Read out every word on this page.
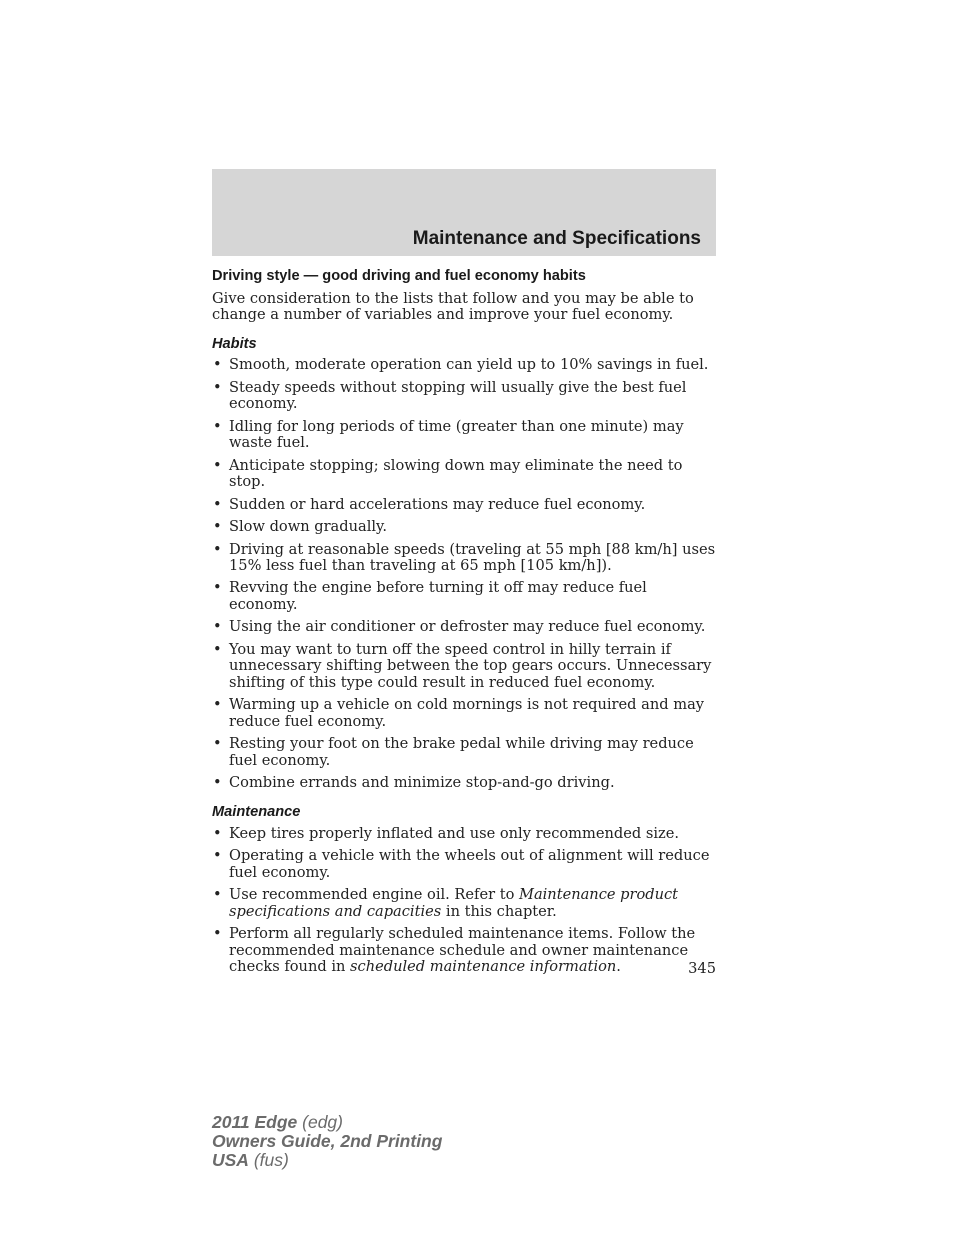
Maintenance and Specifications
Driving style — good driving and fuel economy habits

Give consideration to the lists that follow and you may be able to change a number of variables and improve your fuel economy.

Habits
• Smooth, moderate operation can yield up to 10% savings in fuel.
• Steady speeds without stopping will usually give the best fuel economy.
• Idling for long periods of time (greater than one minute) may waste fuel.
• Anticipate stopping; slowing down may eliminate the need to stop.
• Sudden or hard accelerations may reduce fuel economy.
• Slow down gradually.
• Driving at reasonable speeds (traveling at 55 mph [88 km/h] uses 15% less fuel than traveling at 65 mph [105 km/h]).
• Revving the engine before turning it off may reduce fuel economy.
• Using the air conditioner or defroster may reduce fuel economy.
• You may want to turn off the speed control in hilly terrain if unnecessary shifting between the top gears occurs. Unnecessary shifting of this type could result in reduced fuel economy.
• Warming up a vehicle on cold mornings is not required and may reduce fuel economy.
• Resting your foot on the brake pedal while driving may reduce fuel economy.
• Combine errands and minimize stop-and-go driving.
Maintenance
• Keep tires properly inflated and use only recommended size.
• Operating a vehicle with the wheels out of alignment will reduce fuel economy.
• Use recommended engine oil. Refer to Maintenance product specifications and capacities in this chapter.
• Perform all regularly scheduled maintenance items. Follow the recommended maintenance schedule and owner maintenance checks found in scheduled maintenance information.	345
2011 Edge (edg)
Owners Guide, 2nd Printing
USA (fus)
